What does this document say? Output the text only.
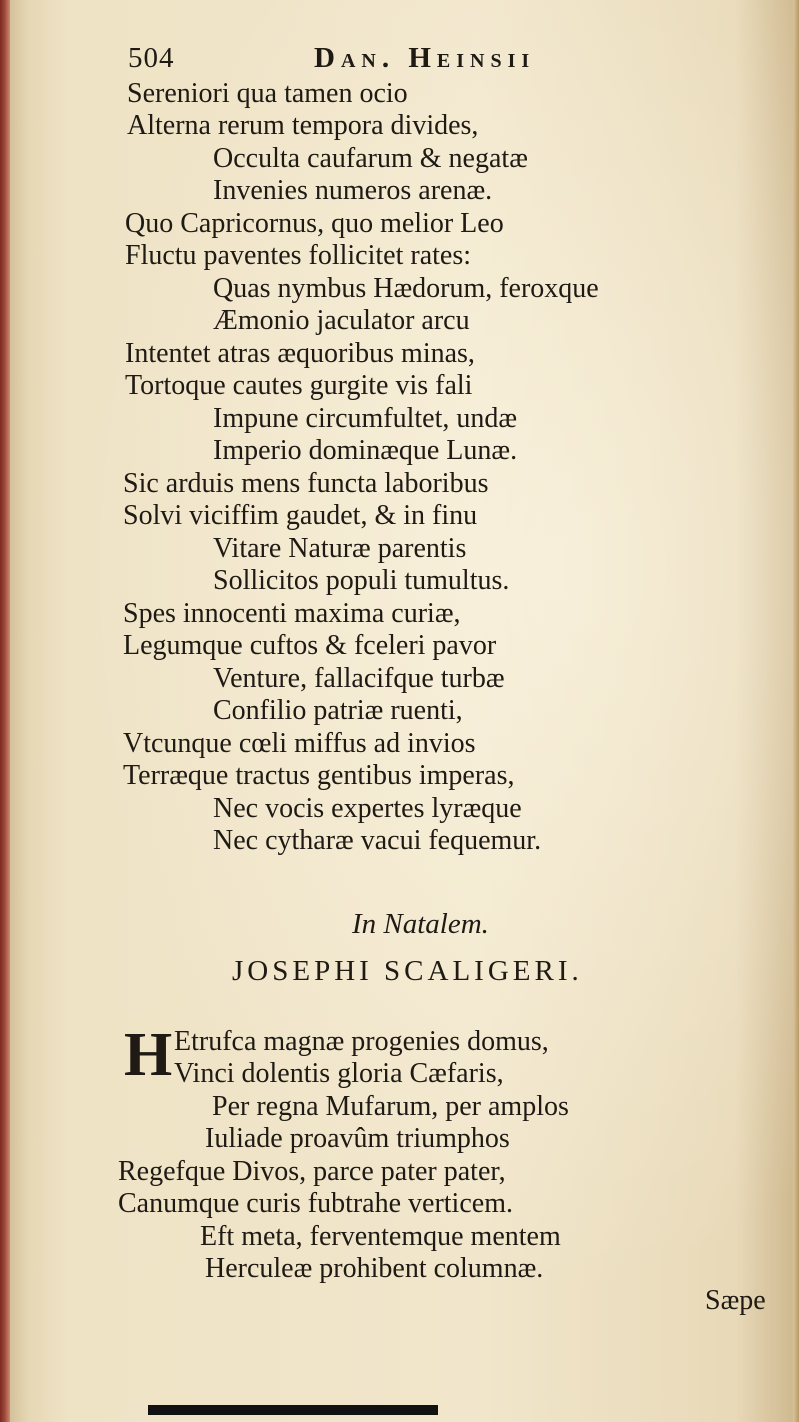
504	Dan. Heinsii
Sereniori qua tamen ocio
Alterna rerum tempora divides,
Occulta caufarum & negatæ
Invenies numeros arenæ.
Quo Capricornus, quo melior Leo
Fluctu paventes follicitet rates:
Quas nymbus Hædorum, feroxque
Æmonio jaculator arcu
Intentet atras æquoribus minas,
Tortoque cautes gurgite vis fali
Impune circumfultet, undæ
Imperio dominæque Lunæ.
Sic arduis mens functa laboribus
Solvi viciffim gaudet, & in finu
Vitare Naturæ parentis
Sollicitos populi tumultus.
Spes innocenti maxima curiæ,
Legumque cuftos & fceleri pavor
Venture, fallacifque turbæ
Confilio patriæ ruenti,
Vtcunque cœli miffus ad invios
Terræque tractus gentibus imperas,
Nec vocis expertes lyræque
Nec cytharæ vacui fequemur.
In Natalem.
JOSEPHI SCALIGERI.
H Etrufca magnæ progenies domus,
Vinci dolentis gloria Cæfaris,
Per regna Mufarum, per amplos
Iuliade proavûm triumphos
Regefque Divos, parce pater pater,
Canumque curis fubtrahe verticem.
Eft meta, ferventemque mentem
Herculeæ prohibent columnæ.
Sæpe
